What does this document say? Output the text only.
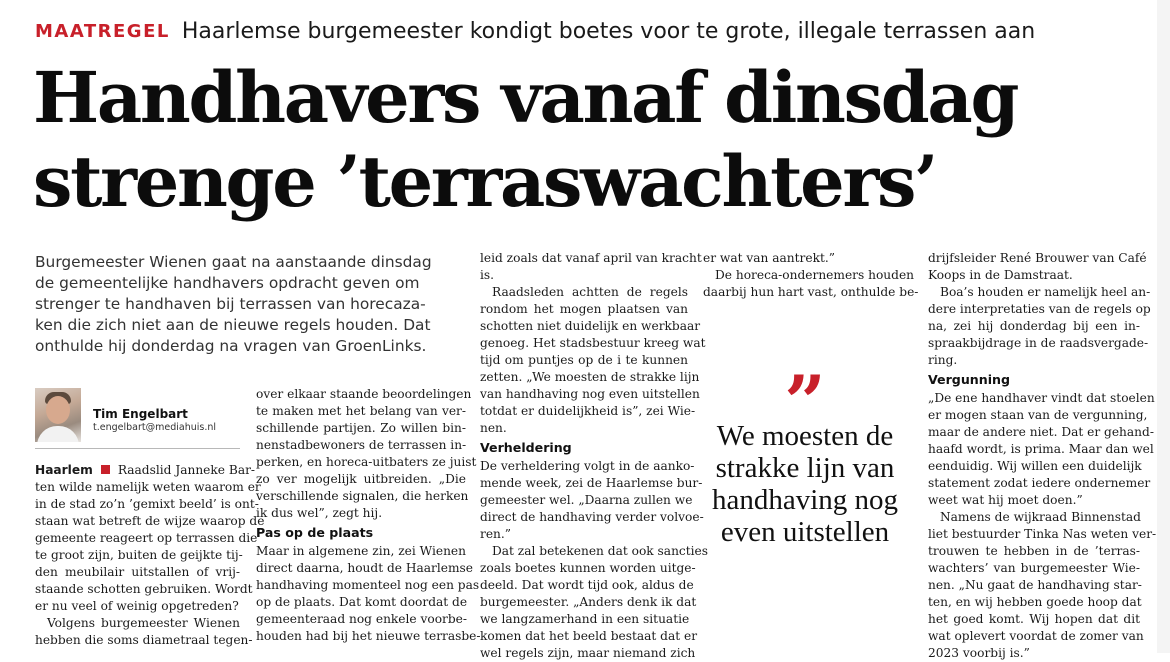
MAATREGEL Haarlemse burgemeester kondigt boetes voor te grote, illegale terrassen aan
Handhavers vanaf dinsdag
strenge ’terraswachters’
Burgemeester Wienen gaat na aanstaande dinsdag
de gemeentelijke handhavers opdracht geven om
strenger te handhaven bij terrassen van horecaza-
ken die zich niet aan de nieuwe regels houden. Dat
onthulde hij donderdag na vragen van GroenLinks.
Tim Engelbart
t.engelbart@mediahuis.nl
Haarlem Raadslid Janneke Bar-
ten wilde namelijk weten waarom er
in de stad zo’n ’gemixt beeld’ is ont-
staan wat betreft de wijze waarop de
gemeente reageert op terrassen die
te groot zijn, buiten de geijkte tij-
den meubilair uitstallen of vrij-
staande schotten gebruiken. Wordt
er nu veel of weinig opgetreden?
Volgens burgemeester Wienen
hebben die soms diametraal tegen-
over elkaar staande beoordelingen
te maken met het belang van ver-
schillende partijen. Zo willen bin-
nenstadbewoners de terrassen in-
perken, en horeca-uitbaters ze juist
zo ver mogelijk uitbreiden. „Die
verschillende signalen, die herken
ik dus wel”, zegt hij.
Pas op de plaats
Maar in algemene zin, zei Wienen
direct daarna, houdt de Haarlemse
handhaving momenteel nog een pas
op de plaats. Dat komt doordat de
gemeenteraad nog enkele voorbe-
houden had bij het nieuwe terrasbe-
leid zoals dat vanaf april van kracht
is.
Raadsleden achtten de regels
rondom het mogen plaatsen van
schotten niet duidelijk en werkbaar
genoeg. Het stadsbestuur kreeg wat
tijd om puntjes op de i te kunnen
zetten. „We moesten de strakke lijn
van handhaving nog even uitstellen
totdat er duidelijkheid is”, zei Wie-
nen.
Verheldering
De verheldering volgt in de aanko-
mende week, zei de Haarlemse bur-
gemeester wel. „Daarna zullen we
direct de handhaving verder volvoe-
ren.”
Dat zal betekenen dat ook sancties
zoals boetes kunnen worden uitge-
deeld. Dat wordt tijd ook, aldus de
burgemeester. „Anders denk ik dat
we langzamerhand in een situatie
komen dat het beeld bestaat dat er
wel regels zijn, maar niemand zich
er wat van aantrekt.”
De horeca-ondernemers houden
daarbij hun hart vast, onthulde be-
”
We moesten de
strakke lijn van
handhaving nog
even uitstellen
drijfsleider René Brouwer van Café
Koops in de Damstraat.
Boa’s houden er namelijk heel an-
dere interpretaties van de regels op
na, zei hij donderdag bij een in-
spraakbijdrage in de raadsvergade-
ring.
Vergunning
„De ene handhaver vindt dat stoelen
er mogen staan van de vergunning,
maar de andere niet. Dat er gehand-
haafd wordt, is prima. Maar dan wel
eenduidig. Wij willen een duidelijk
statement zodat iedere ondernemer
weet wat hij moet doen.”
Namens de wijkraad Binnenstad
liet bestuurder Tinka Nas weten ver-
trouwen te hebben in de ’terras-
wachters’ van burgemeester Wie-
nen. „Nu gaat de handhaving star-
ten, en wij hebben goede hoop dat
het goed komt. Wij hopen dat dit
wat oplevert voordat de zomer van
2023 voorbij is.”
